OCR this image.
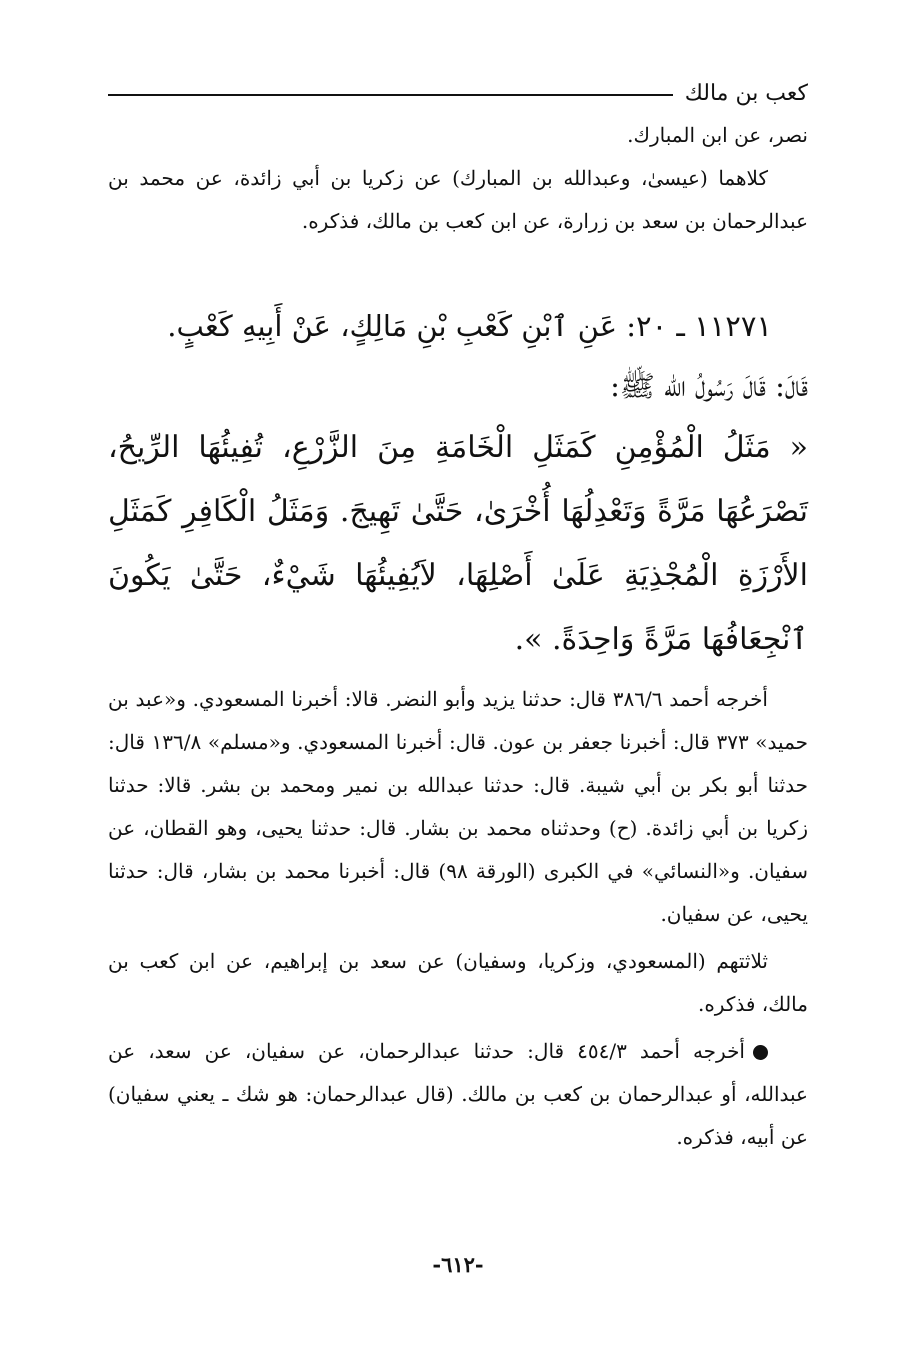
كعب بن مالك

نصر، عن ابن المبارك.

كلاهما (عيسىٰ، وعبدالله بن المبارك) عن زكريا بن أبي زائدة، عن محمد بن عبدالرحمان بن سعد بن زرارة، عن ابن كعب بن مالك، فذكره.

١١٢٧١ ـ ٢٠: عَنِ ٱبْنِ كَعْبِ بْنِ مَالِكٍ، عَنْ أَبِيهِ كَعْبٍ.

قَالَ: قَالَ رَسُولُ الله ﷺ:

« مَثَلُ الْمُؤْمِنِ كَمَثَلِ الْخَامَةِ مِنَ الزَّرْعِ، تُفِيئُهَا الرِّيحُ، تَصْرَعُهَا مَرَّةً وَتَعْدِلُهَا أُخْرَىٰ، حَتَّىٰ تَهِيجَ. وَمَثَلُ الْكَافِرِ كَمَثَلِ الأَرْزَةِ الْمُجْذِيَةِ عَلَىٰ أَصْلِهَا، لاَيُفِيئُهَا شَيْءٌ، حَتَّىٰ يَكُونَ ٱنْجِعَافُهَا مَرَّةً وَاحِدَةً. ».

أخرجه أحمد ٣٨٦/٦ قال: حدثنا يزيد وأبو النضر. قالا: أخبرنا المسعودي. و«عبد بن حميد» ٣٧٣ قال: أخبرنا جعفر بن عون. قال: أخبرنا المسعودي. و«مسلم» ١٣٦/٨ قال: حدثنا أبو بكر بن أبي شيبة. قال: حدثنا عبدالله بن نمير ومحمد بن بشر. قالا: حدثنا زكريا بن أبي زائدة. (ح) وحدثناه محمد بن بشار. قال: حدثنا يحيى، وهو القطان، عن سفيان. و«النسائي» في الكبرى (الورقة ٩٨) قال: أخبرنا محمد بن بشار، قال: حدثنا يحيى، عن سفيان.

ثلاثتهم (المسعودي، وزكريا، وسفيان) عن سعد بن إبراهيم، عن ابن كعب بن مالك، فذكره.

أخرجه أحمد ٤٥٤/٣ قال: حدثنا عبدالرحمان، عن سفيان، عن سعد، عن عبدالله، أو عبدالرحمان بن كعب بن مالك. (قال عبدالرحمان: هو شك ـ يعني سفيان) عن أبيه، فذكره.

-٦١٢-
